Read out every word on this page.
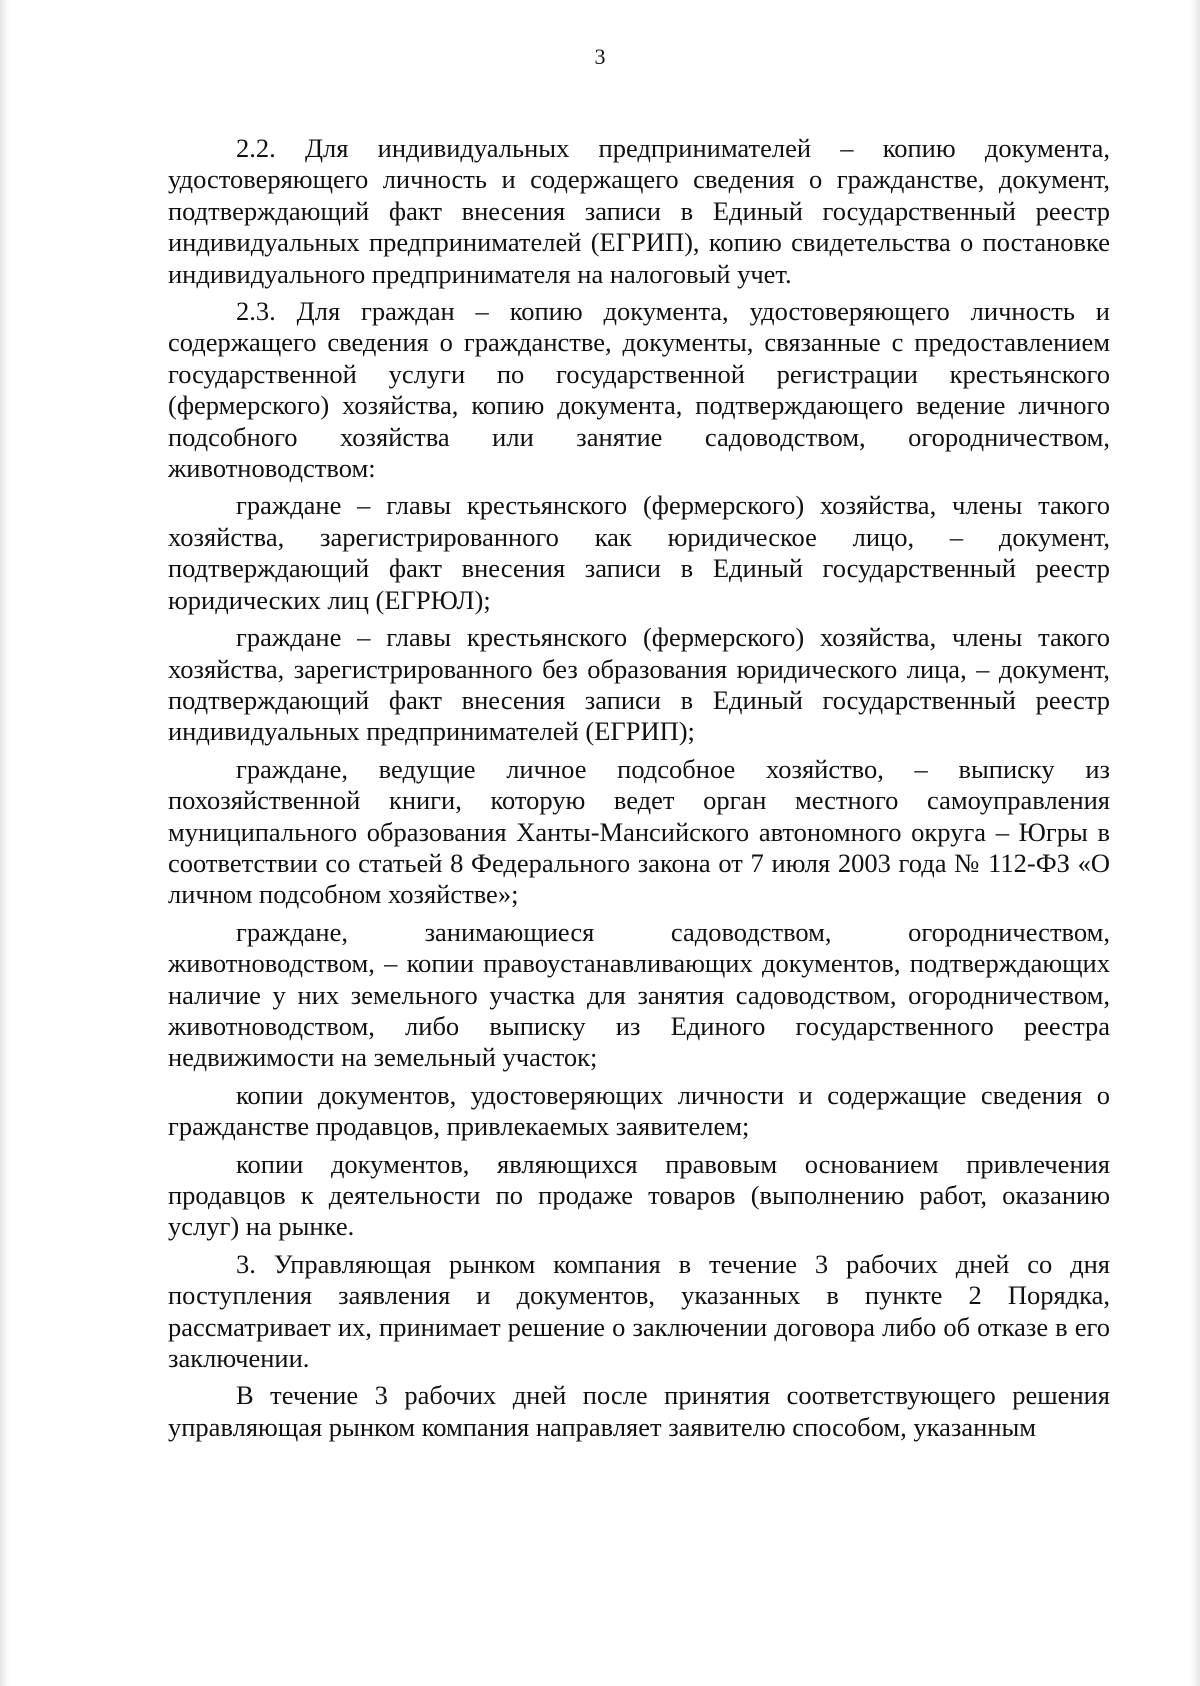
3

2.2. Для индивидуальных предпринимателей – копию документа, удостоверяющего личность и содержащего сведения о гражданстве, документ, подтверждающий факт внесения записи в Единый государственный реестр индивидуальных предпринимателей (ЕГРИП), копию свидетельства о постановке индивидуального предпринимателя на налоговый учет.

2.3. Для граждан – копию документа, удостоверяющего личность и содержащего сведения о гражданстве, документы, связанные с предоставлением государственной услуги по государственной регистрации крестьянского (фермерского) хозяйства, копию документа, подтверждающего ведение личного подсобного хозяйства или занятие садоводством, огородничеством, животноводством:

граждане – главы крестьянского (фермерского) хозяйства, члены такого хозяйства, зарегистрированного как юридическое лицо, – документ, подтверждающий факт внесения записи в Единый государственный реестр юридических лиц (ЕГРЮЛ);

граждане – главы крестьянского (фермерского) хозяйства, члены такого хозяйства, зарегистрированного без образования юридического лица, – документ, подтверждающий факт внесения записи в Единый государственный реестр индивидуальных предпринимателей (ЕГРИП);

граждане, ведущие личное подсобное хозяйство, – выписку из похозяйственной книги, которую ведет орган местного самоуправления муниципального образования Ханты-Мансийского автономного округа – Югры в соответствии со статьей 8 Федерального закона от 7 июля 2003 года № 112-ФЗ «О личном подсобном хозяйстве»;

граждане, занимающиеся садоводством, огородничеством, животноводством, – копии правоустанавливающих документов, подтверждающих наличие у них земельного участка для занятия садоводством, огородничеством, животноводством, либо выписку из Единого государственного реестра недвижимости на земельный участок;

копии документов, удостоверяющих личности и содержащие сведения о гражданстве продавцов, привлекаемых заявителем;

копии документов, являющихся правовым основанием привлечения продавцов к деятельности по продаже товаров (выполнению работ, оказанию услуг) на рынке.

3. Управляющая рынком компания в течение 3 рабочих дней со дня поступления заявления и документов, указанных в пункте 2 Порядка, рассматривает их, принимает решение о заключении договора либо об отказе в его заключении.

В течение 3 рабочих дней после принятия соответствующего решения управляющая рынком компания направляет заявителю способом, указанным
